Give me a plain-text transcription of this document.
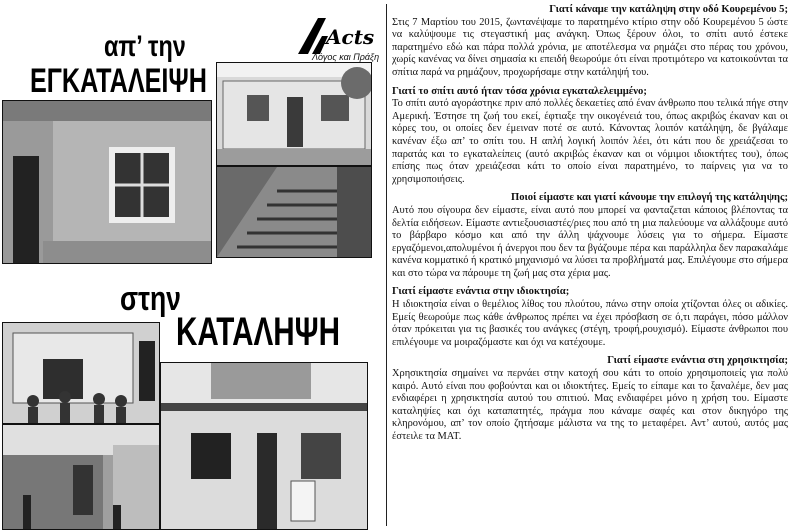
απ’ την
ΕΓΚΑΤΑΛΕΙΨΗ
Acts
Λόγος και Πράξη
στην
ΚΑΤΑΛΗΨΗ

Γιατί κάναμε την κατάληψη στην οδό Κουρεμένου 5;

Στις 7 Μαρτίου του 2015, ζωντανέψαμε το παρατημένο κτίριο στην οδό Κουρεμένου 5 ώστε να καλύψουμε τις στεγαστική μας ανάγκη. Όπως ξέρουν όλοι, το σπίτι αυτό έστεκε παρατημένο εδώ και πάρα πολλά χρόνια, με αποτέλεσμα να ρημάζει στο πέρας του χρόνου, χωρίς κανένας να δίνει σημασία κι επειδή θεωρούμε ότι είναι προτιμότερο να κατοικούνται τα σπίτια παρά να ρημάζουν, προχωρήσαμε στην κατάληψή του.

Γιατί το σπίτι αυτό ήταν τόσα χρόνια εγκαταλελειμμένο;

Το σπίτι αυτό αγοράστηκε πριν από πολλές δεκαετίες από έναν άνθρωπο που τελικά πήγε στην Αμερική. Έστησε τη ζωή του εκεί, έφτιαξε την οικογένειά του, όπως ακριβώς έκαναν και οι κόρες του, οι οποίες δεν έμειναν ποτέ σε αυτό. Κάνοντας λοιπόν κατάληψη, δε βγάλαμε κανέναν έξω απ’ το σπίτι του. Η απλή λογική λοιπόν λέει, ότι κάτι που δε χρειάζεσαι το παρατάς και το εγκαταλείπεις (αυτό ακριβώς έκαναν και οι νόμιμοι ιδιοκτήτες του), όπως επίσης πως όταν χρειάζεσαι κάτι το οποίο είναι παρατημένο, το παίρνεις για να το χρησιμοποιήσεις.

Ποιοί είμαστε και γιατί κάνουμε την επιλογή της κατάληψης;

Αυτό που σίγουρα δεν είμαστε, είναι αυτό που μπορεί να φανταζεται κάποιος βλέποντας τα δελτία ειδήσεων. Είμαστε αντιεξουσιαστές/ριες που από τη μια παλεύουμε να αλλάξουμε αυτό το βάρβαρο κόσμο και από την άλλη ψάχνουμε λύσεις για το σήμερα. Είμαστε εργαζόμενοι,απολυμένοι ή άνεργοι που δεν τα βγάζουμε πέρα και παράλληλα δεν παρακαλάμε κανένα κομματικό ή κρατικό μηχανισμό να λύσει τα προβλήματά μας. Επιλέγουμε στο σήμερα και στο τώρα να πάρουμε τη ζωή μας στα χέρια μας.

Γιατί είμαστε ενάντια στην ιδιοκτησία;

Η ιδιοκτησία είναι ο θεμέλιος λίθος του πλούτου, πάνω στην οποία χτίζονται όλες οι αδικίες. Εμείς θεωρούμε πως κάθε άνθρωπος πρέπει να έχει πρόσβαση σε ό,τι παράγει, πόσο μάλλον όταν πρόκειται για τις βασικές του ανάγκες (στέγη, τροφή,ρουχισμό). Είμαστε άνθρωποι που επιλέγουμε να μοιραζόμαστε και όχι να κατέχουμε.

Γιατί είμαστε ενάντια στη χρησικτησία;

Χρησικτησία σημαίνει να περνάει στην κατοχή σου κάτι το οποίο χρησιμοποιείς για πολύ καιρό. Αυτό είναι που φοβούνται και οι ιδιοκτήτες. Εμείς το είπαμε και το ξαναλέμε, δεν μας ενδιαφέρει η χρησικτησία αυτού του σπιτιού. Μας ενδιαφέρει μόνο η χρήση του. Είμαστε καταληψίες και όχι καταπατητές, πράγμα που κάναμε σαφές και στον δικηγόρο της κληρονόμου, απ’ τον οποίο ζητήσαμε μάλιστα να της το μεταφέρει. Αντ’ αυτού, αυτός μας έστειλε τα ΜΑΤ.
